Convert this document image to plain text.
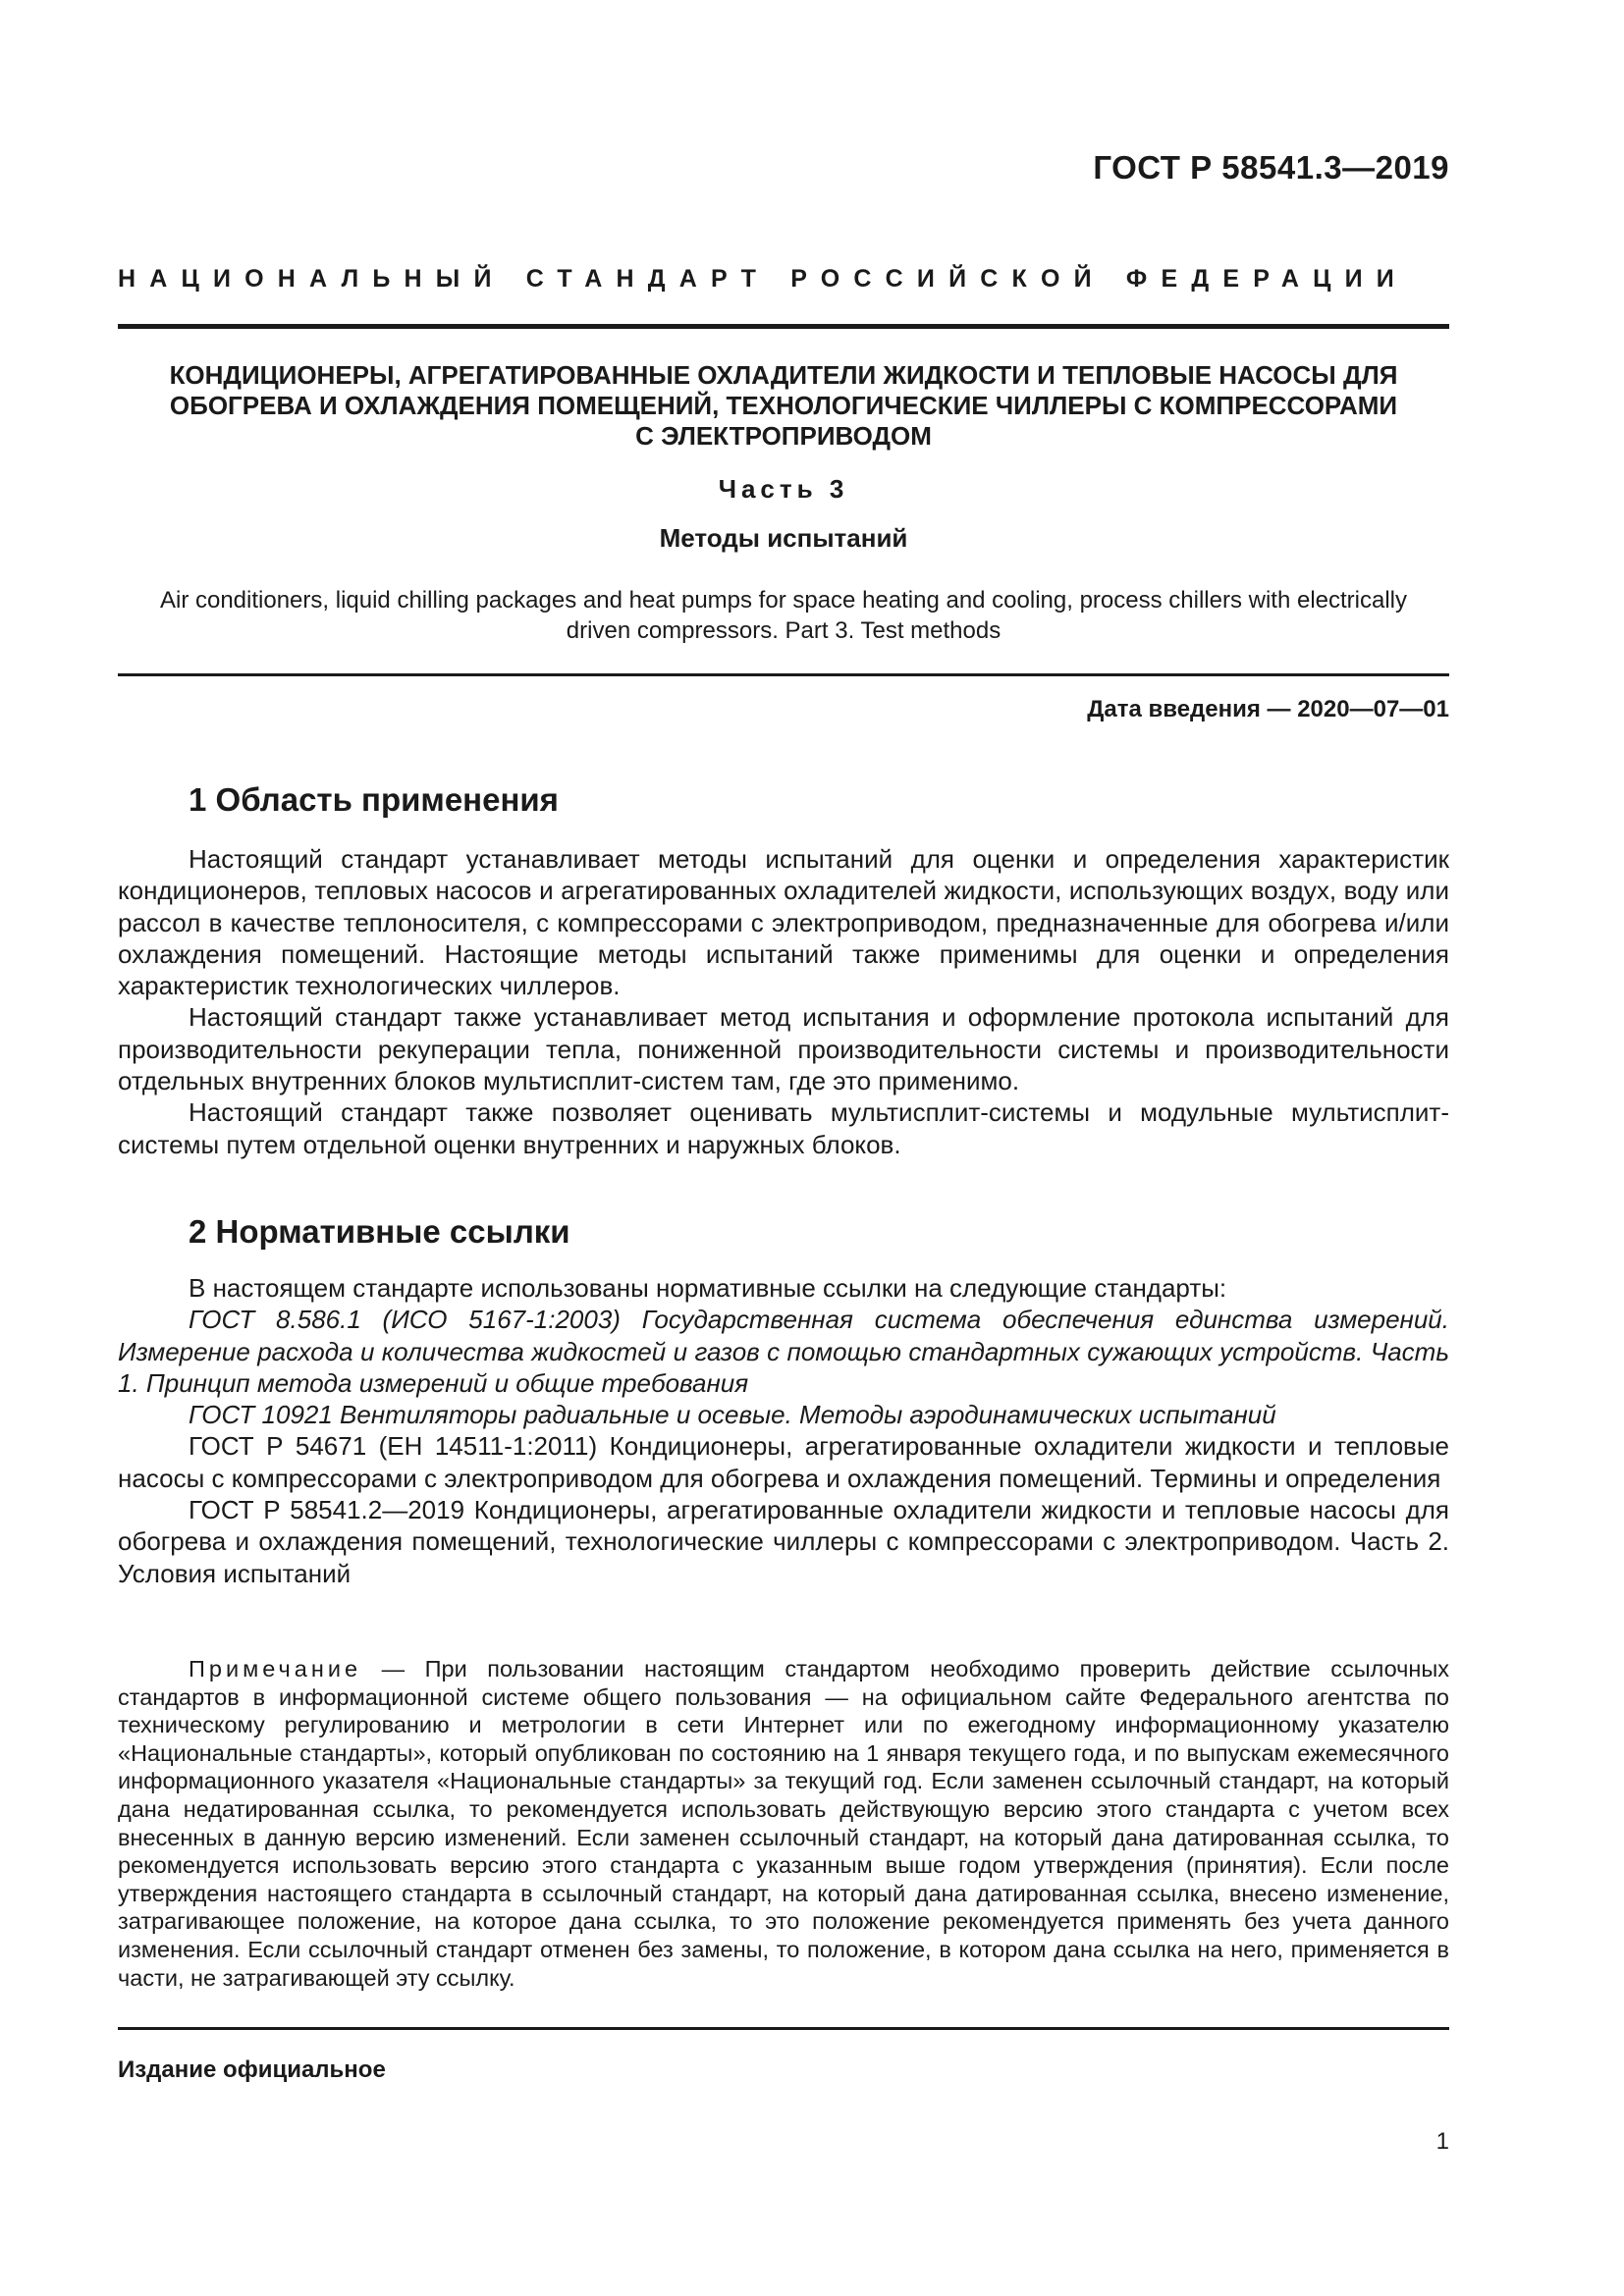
ГОСТ Р 58541.3—2019
НАЦИОНАЛЬНЫЙ СТАНДАРТ РОССИЙСКОЙ ФЕДЕРАЦИИ
КОНДИЦИОНЕРЫ, АГРЕГАТИРОВАННЫЕ ОХЛАДИТЕЛИ ЖИДКОСТИ И ТЕПЛОВЫЕ НАСОСЫ ДЛЯ
ОБОГРЕВА И ОХЛАЖДЕНИЯ ПОМЕЩЕНИЙ, ТЕХНОЛОГИЧЕСКИЕ ЧИЛЛЕРЫ С КОМПРЕССОРАМИ
С ЭЛЕКТРОПРИВОДОМ
Часть 3
Методы испытаний
Air conditioners, liquid chilling packages and heat pumps for space heating and cooling, process chillers with electrically
driven compressors. Part 3. Test methods
Дата введения — 2020—07—01
1 Область применения

Настоящий стандарт устанавливает методы испытаний для оценки и определения характеристик кондиционеров, тепловых насосов и агрегатированных охладителей жидкости, использующих воздух, воду или рассол в качестве теплоносителя, с компрессорами с электроприводом, предназначенные для обогрева и/или охлаждения помещений. Настоящие методы испытаний также применимы для оценки и определения характеристик технологических чиллеров.

Настоящий стандарт также устанавливает метод испытания и оформление протокола испытаний для производительности рекуперации тепла, пониженной производительности системы и производительности отдельных внутренних блоков мультисплит-систем там, где это применимо.

Настоящий стандарт также позволяет оценивать мультисплит-системы и модульные мультисплит-системы путем отдельной оценки внутренних и наружных блоков.

2 Нормативные ссылки

В настоящем стандарте использованы нормативные ссылки на следующие стандарты:

ГОСТ 8.586.1 (ИСО 5167-1:2003) Государственная система обеспечения единства измерений. Измерение расхода и количества жидкостей и газов с помощью стандартных сужающих устройств. Часть 1. Принцип метода измерений и общие требования

ГОСТ 10921 Вентиляторы радиальные и осевые. Методы аэродинамических испытаний

ГОСТ Р 54671 (ЕН 14511-1:2011) Кондиционеры, агрегатированные охладители жидкости и тепловые насосы с компрессорами с электроприводом для обогрева и охлаждения помещений. Термины и определения

ГОСТ Р 58541.2—2019 Кондиционеры, агрегатированные охладители жидкости и тепловые насосы для обогрева и охлаждения помещений, технологические чиллеры с компрессорами с электроприводом. Часть 2. Условия испытаний

Примечание — При пользовании настоящим стандартом необходимо проверить действие ссылочных стандартов в информационной системе общего пользования — на официальном сайте Федерального агентства по техническому регулированию и метрологии в сети Интернет или по ежегодному информационному указателю «Национальные стандарты», который опубликован по состоянию на 1 января текущего года, и по выпускам ежемесячного информационного указателя «Национальные стандарты» за текущий год. Если заменен ссылочный стандарт, на который дана недатированная ссылка, то рекомендуется использовать действующую версию этого стандарта с учетом всех внесенных в данную версию изменений. Если заменен ссылочный стандарт, на который дана датированная ссылка, то рекомендуется использовать версию этого стандарта с указанным выше годом утверждения (принятия). Если после утверждения настоящего стандарта в ссылочный стандарт, на который дана датированная ссылка, внесено изменение, затрагивающее положение, на которое дана ссылка, то это положение рекомендуется применять без учета данного изменения. Если ссылочный стандарт отменен без замены, то положение, в котором дана ссылка на него, применяется в части, не затрагивающей эту ссылку.

Издание официальное
1
